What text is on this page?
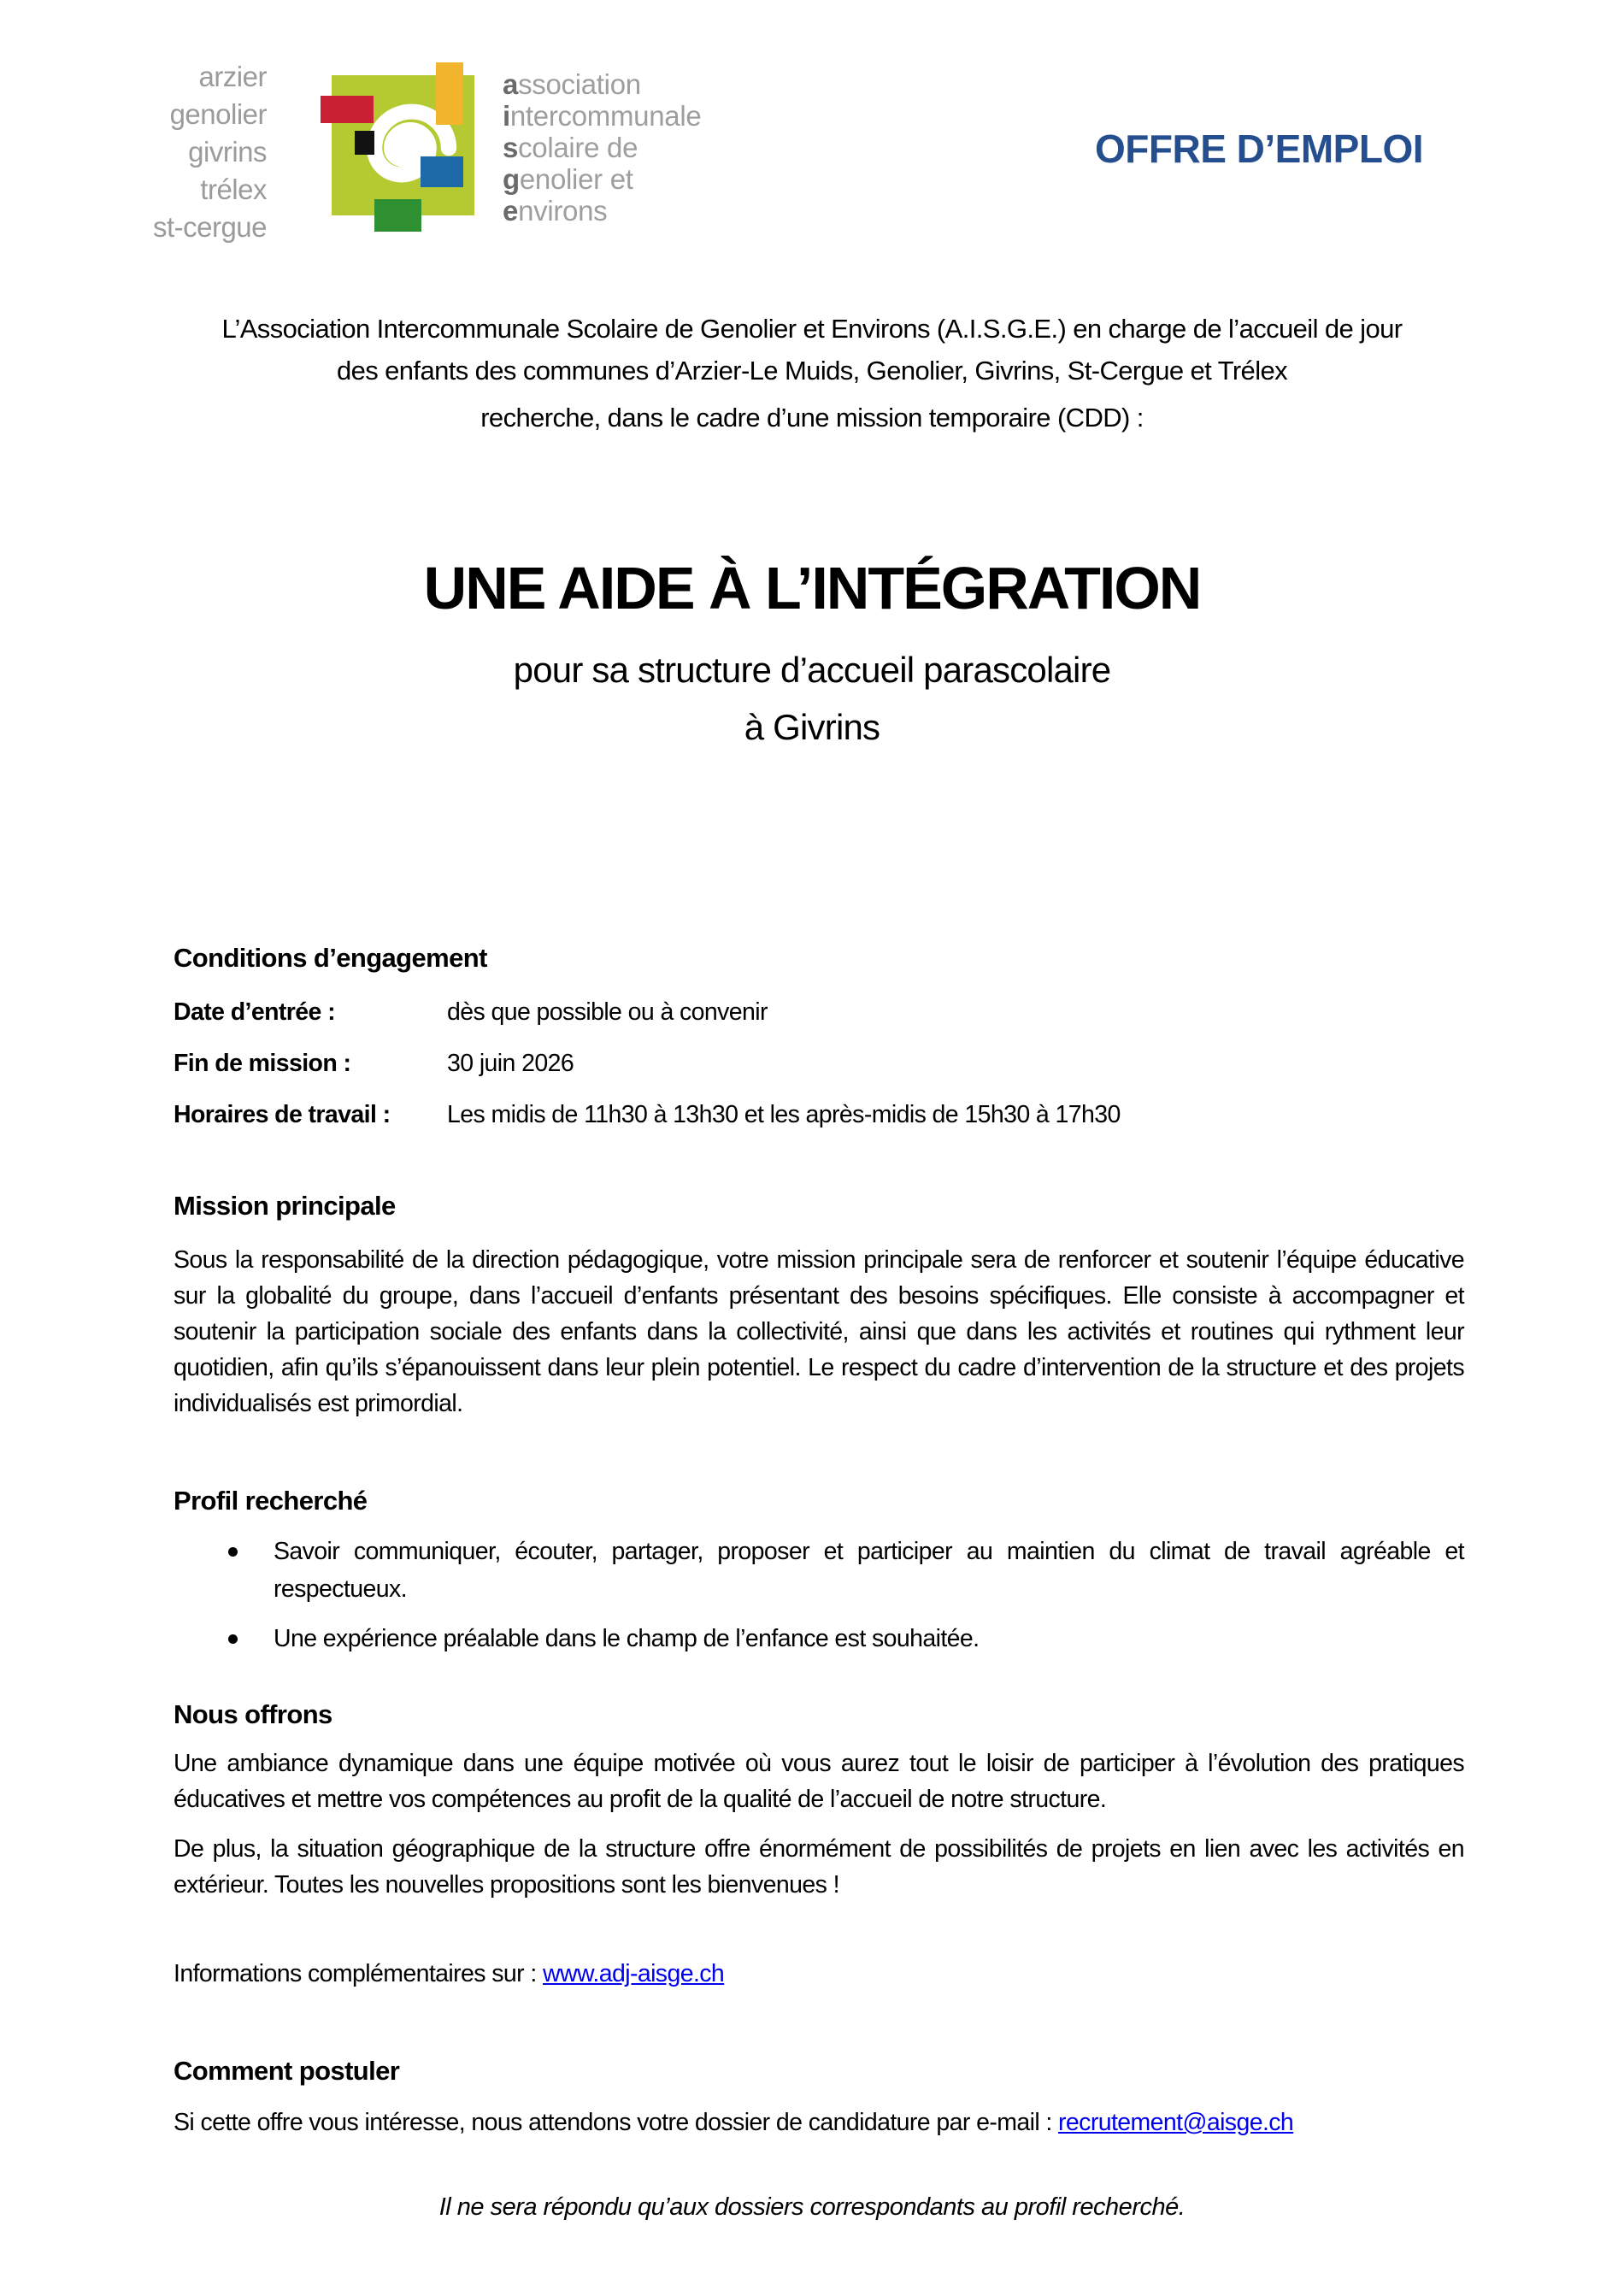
arzier
genolier
givrins
trélex
st-cergue
association
intercommunale
scolaire de
genolier et
environs
OFFRE D’EMPLOI
L’Association Intercommunale Scolaire de Genolier et Environs (A.I.S.G.E.) en charge de l’accueil de jour
des enfants des communes d’Arzier-Le Muids, Genolier, Givrins, St-Cergue et Trélex
recherche, dans le cadre d’une mission temporaire (CDD) :
UNE AIDE À L’INTÉGRATION
pour sa structure d’accueil parascolaire
à Givrins
Conditions d’engagement
Date d’entrée :	dès que possible ou à convenir
Fin de mission :	30 juin 2026
Horaires de travail : Les midis de 11h30 à 13h30 et les après-midis de 15h30 à 17h30
Mission principale
Sous la responsabilité de la direction pédagogique, votre mission principale sera de renforcer et soutenir l’équipe éducative sur la globalité du groupe, dans l’accueil d’enfants présentant des besoins spécifiques. Elle consiste à accompagner et soutenir la participation sociale des enfants dans la collectivité, ainsi que dans les activités et routines qui rythment leur quotidien, afin qu’ils s’épanouissent dans leur plein potentiel. Le respect du cadre d’intervention de la structure et des projets individualisés est primordial.
Profil recherché
Savoir communiquer, écouter, partager, proposer et participer au maintien du climat de travail agréable et respectueux.
Une expérience préalable dans le champ de l’enfance est souhaitée.
Nous offrons
Une ambiance dynamique dans une équipe motivée où vous aurez tout le loisir de participer à l’évolution des pratiques éducatives et mettre vos compétences au profit de la qualité de l’accueil de notre structure.
De plus, la situation géographique de la structure offre énormément de possibilités de projets en lien avec les activités en extérieur. Toutes les nouvelles propositions sont les bienvenues !
Informations complémentaires sur : www.adj-aisge.ch
Comment postuler
Si cette offre vous intéresse, nous attendons votre dossier de candidature par e-mail : recrutement@aisge.ch
Il ne sera répondu qu’aux dossiers correspondants au profil recherché.
